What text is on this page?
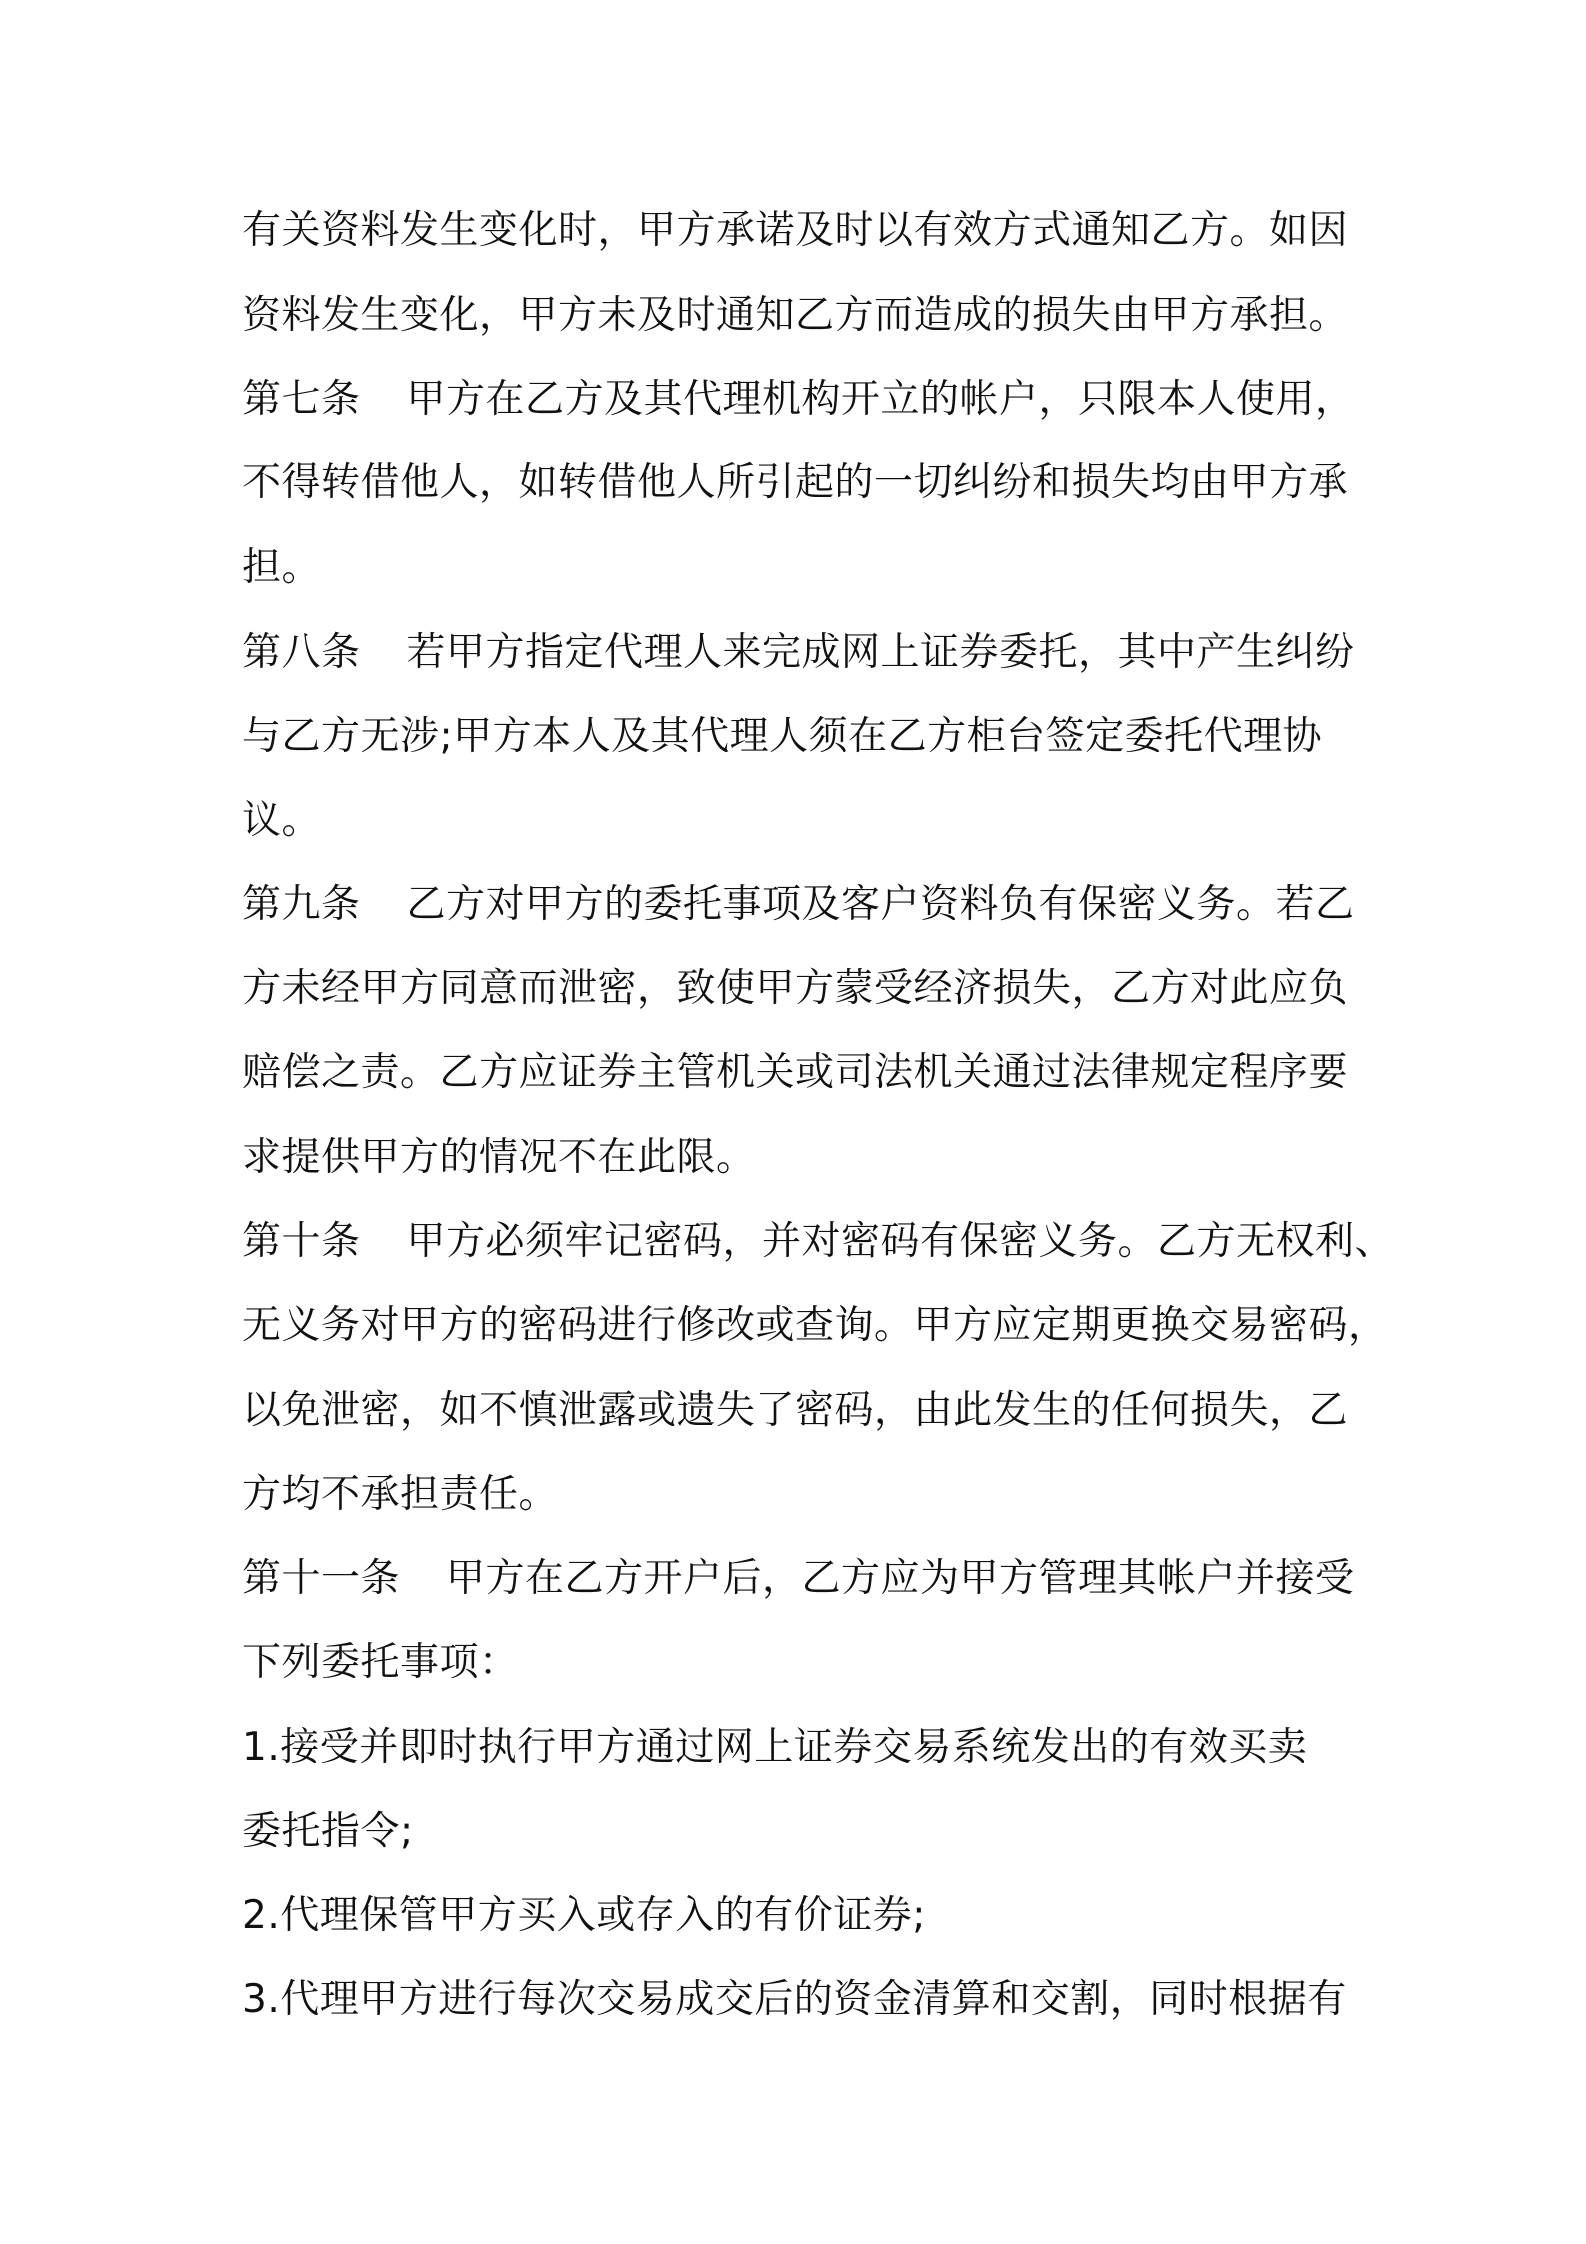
有关资料发生变化时，甲方承诺及时以有效方式通知乙方。如因
资料发生变化，甲方未及时通知乙方而造成的损失由甲方承担。
第七条 甲方在乙方及其代理机构开立的帐户，只限本人使用，
不得转借他人，如转借他人所引起的一切纠纷和损失均由甲方承
担。
第八条 若甲方指定代理人来完成网上证券委托，其中产生纠纷
与乙方无涉;甲方本人及其代理人须在乙方柜台签定委托代理协
议。
第九条 乙方对甲方的委托事项及客户资料负有保密义务。若乙
方未经甲方同意而泄密，致使甲方蒙受经济损失，乙方对此应负
赔偿之责。乙方应证券主管机关或司法机关通过法律规定程序要
求提供甲方的情况不在此限。
第十条 甲方必须牢记密码，并对密码有保密义务。乙方无权利、
无义务对甲方的密码进行修改或查询。甲方应定期更换交易密码，
以免泄密，如不慎泄露或遗失了密码，由此发生的任何损失，乙
方均不承担责任。
第十一条 甲方在乙方开户后，乙方应为甲方管理其帐户并接受
下列委托事项：
1.接受并即时执行甲方通过网上证券交易系统发出的有效买卖
委托指令;
2.代理保管甲方买入或存入的有价证券;
3.代理甲方进行每次交易成交后的资金清算和交割，同时根据有
